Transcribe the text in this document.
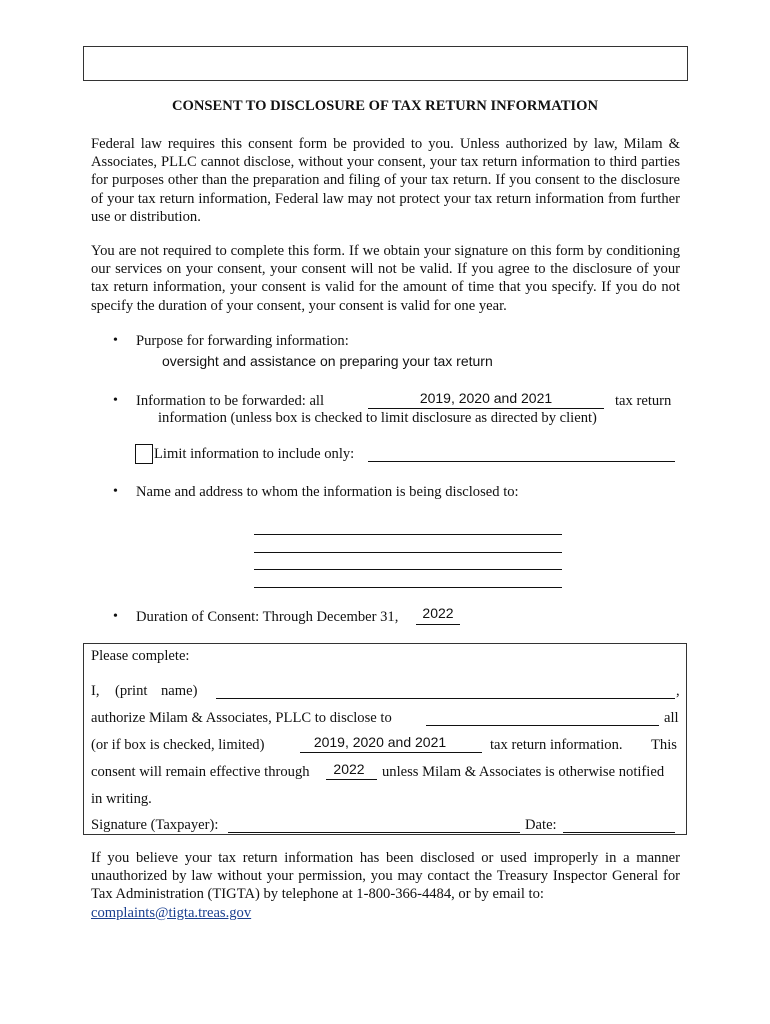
CONSENT TO DISCLOSURE OF TAX RETURN INFORMATION
Federal law requires this consent form be provided to you. Unless authorized by law, Milam & Associates, PLLC cannot disclose, without your consent, your tax return information to third parties for purposes other than the preparation and filing of your tax return. If you consent to the disclosure of your tax return information, Federal law may not protect your tax return information from further use or distribution.
You are not required to complete this form. If we obtain your signature on this form by conditioning our services on your consent, your consent will not be valid. If you agree to the disclosure of your tax return information, your consent is valid for the amount of time that you specify. If you do not specify the duration of your consent, your consent is valid for one year.
• Purpose for forwarding information:
oversight and assistance on preparing your tax return
• Information to be forwarded: all	2019, 2020 and 2021	tax return
information (unless box is checked to limit disclosure as directed by client)
Limit information to include only:
• Name and address to whom the information is being disclosed to:
• Duration of Consent: Through December 31,	2022
Please complete:
I, (print name)	,
authorize Milam & Associates, PLLC to disclose to	all
(or if box is checked, limited)	2019, 2020 and 2021	tax return information. This
consent will remain effective through	2022	unless Milam & Associates is otherwise notified
in writing.
Signature (Taxpayer):	Date:
If you believe your tax return information has been disclosed or used improperly in a manner unauthorized by law without your permission, you may contact the Treasury Inspector General for Tax Administration (TIGTA) by telephone at 1-800-366-4484, or by email to:
complaints@tigta.treas.gov
